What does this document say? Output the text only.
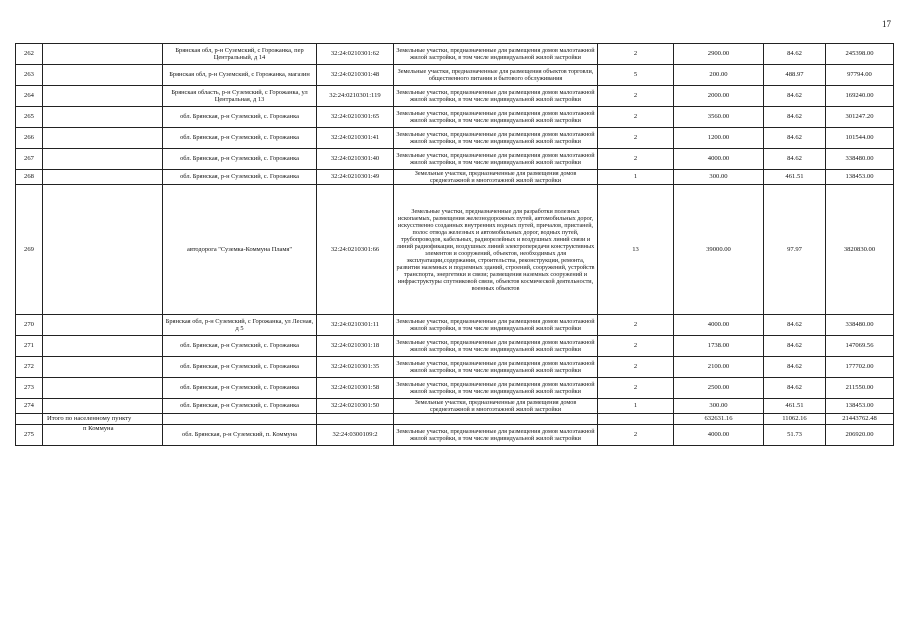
17
262		Брянская обл, р-н Суземский, с Горожанка, пер Центральный, д 14	32:24:0210301:62	Земельные участки, предназначенные для размещения домов малоэтажной жилой застройки, в том числе индивидуальной жилой застройки	2	2900.00	84.62	245398.00
263		Брянская обл, р-н Суземский, с Горожанка, магазин	32:24:0210301:48	Земельные участки, предназначенные для размещения объектов торговли, общественного питания и бытового обслуживания	5	200.00	488.97	97794.00
264		Брянская область, р-н Суземский, с Горожанка, ул Центральная, д 13	32:24:0210301:119	Земельные участки, предназначенные для размещения домов малоэтажной жилой застройки, в том числе индивидуальной жилой застройки	2	2000.00	84.62	169240.00
265		обл. Брянская, р-н Суземский, с. Горожанка	32:24:0210301:65	Земельные участки, предназначенные для размещения домов малоэтажной жилой застройки, в том числе индивидуальной жилой застройки	2	3560.00	84.62	301247.20
266		обл. Брянская, р-н Суземский, с. Горожанка	32:24:0210301:41	Земельные участки, предназначенные для размещения домов малоэтажной жилой застройки, в том числе индивидуальной жилой застройки	2	1200.00	84.62	101544.00
267		обл. Брянская, р-н Суземский, с. Горожанка	32:24:0210301:40	Земельные участки, предназначенные для размещения домов малоэтажной жилой застройки, в том числе индивидуальной жилой застройки	2	4000.00	84.62	338480.00
268		обл. Брянская, р-н Суземский, с. Горожанка	32:24:0210301:49	Земельные участки, предназначенные для размещения домов среднеэтажной и многоэтажной жилой застройки	1	300.00	461.51	138453.00
269		автодорога "Суземка-Коммуна Пламя"	32:24:0210301:66	Земельные участки, предназначенные для разработки полезных ископаемых, размещения железнодорожных путей, автомобильных дорог, искусственно созданных внутренних водных путей, причалов, пристаней, полос отвода железных и автомобильных дорог, водных путей, трубопроводов, кабельных, радиорелейных и воздушных линий связи и линий радиофикации, воздушных линий электропередачи конструктивных элементов и сооружений, объектов, необходимых для эксплуатации,содержания, строительства, реконструкции, ремонта, развития наземных и подземных зданий, строений, сооружений, устройств транспорта, энергетики и связи; размещения наземных сооружений и инфраструктуры спутниковой связи, объектов космической деятельности, военных объектов	13	39000.00	97.97	3820830.00
270		Брянская обл, р-н Суземский, с Горожанка, ул Лесная, д 5	32:24:0210301:11	Земельные участки, предназначенные для размещения домов малоэтажной жилой застройки, в том числе индивидуальной жилой застройки	2	4000.00	84.62	338480.00
271		обл. Брянская, р-н Суземский, с. Горожанка	32:24:0210301:18	Земельные участки, предназначенные для размещения домов малоэтажной жилой застройки, в том числе индивидуальной жилой застройки	2	1738.00	84.62	147069.56
272		обл. Брянская, р-н Суземский, с. Горожанка	32:24:0210301:35	Земельные участки, предназначенные для размещения домов малоэтажной жилой застройки, в том числе индивидуальной жилой застройки	2	2100.00	84.62	177702.00
273		обл. Брянская, р-н Суземский, с. Горожанка	32:24:0210301:58	Земельные участки, предназначенные для размещения домов малоэтажной жилой застройки, в том числе индивидуальной жилой застройки	2	2500.00	84.62	211550.00
274		обл. Брянская, р-н Суземский, с. Горожанка	32:24:0210301:50	Земельные участки, предназначенные для размещения домов среднеэтажной и многоэтажной жилой застройки	1	300.00	461.51	138453.00
	Итого по населенному пункту					632631.16	11062.16	21443762.48
275	п Коммуна	обл. Брянская, р-н Суземский, п. Коммуна	32:24:0300109:2	Земельные участки, предназначенные для размещения домов малоэтажной жилой застройки, в том числе индивидуальной жилой застройки	2	4000.00	51.73	206920.00
